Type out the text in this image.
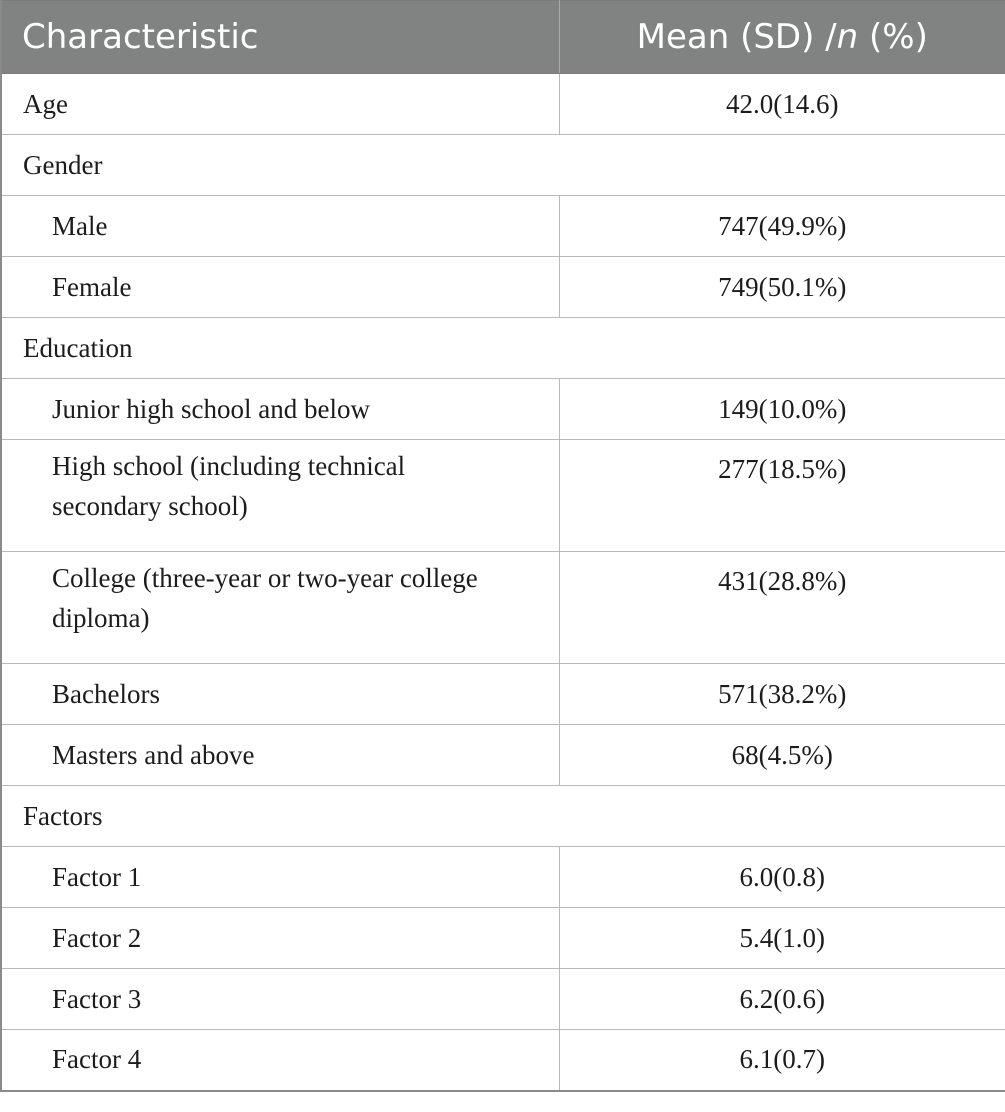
Characteristic	Mean (SD) /n (%)
Age	42.0(14.6)
Gender	
Male	747(49.9%)
Female	749(50.1%)
Education	
Junior high school and below	149(10.0%)

High school (including technical
secondary school)	277(18.5%)

College (three-year or two-year college
diploma)	431(28.8%)
Bachelors	571(38.2%)
Masters and above	68(4.5%)
Factors	
Factor 1	6.0(0.8)
Factor 2	5.4(1.0)
Factor 3	6.2(0.6)
Factor 4	6.1(0.7)
